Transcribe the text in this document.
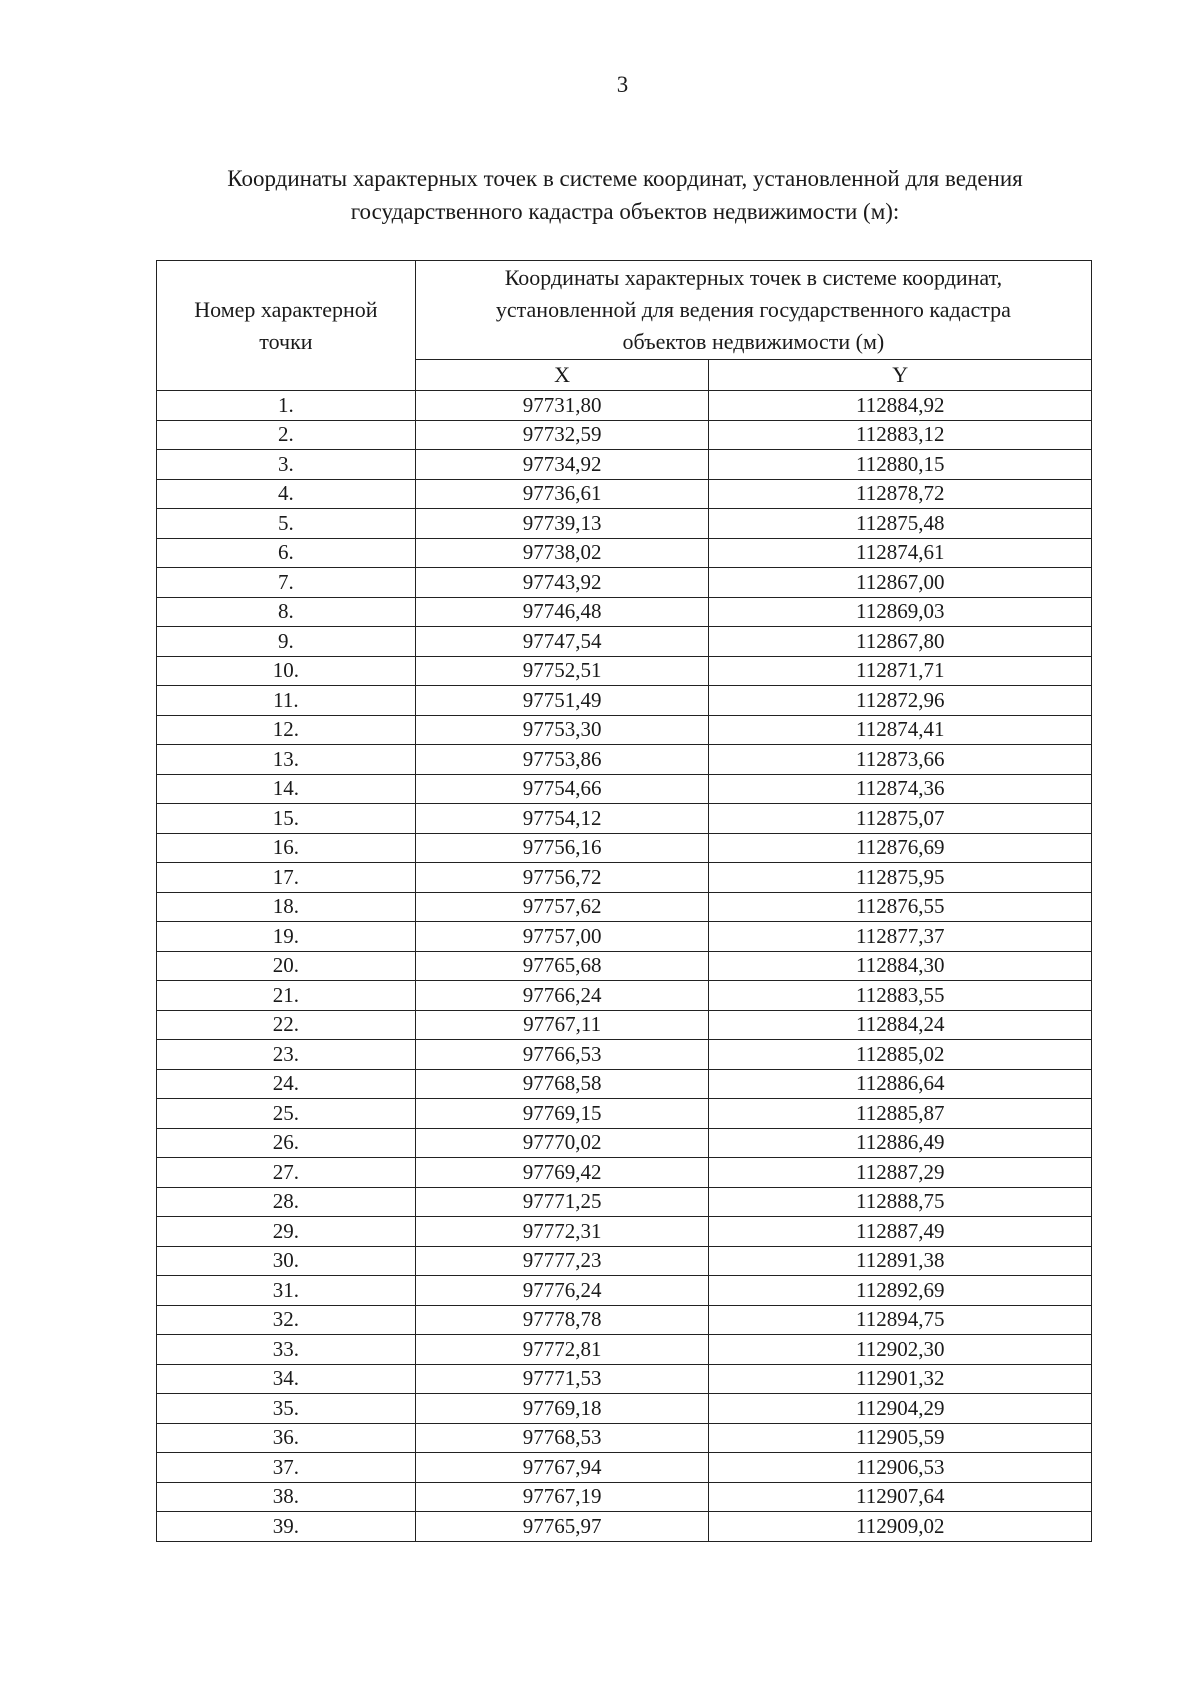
3
Координаты характерных точек в системе координат, установленной для ведения
государственного кадастра объектов недвижимости (м):
Номер характерной
точки	Координаты характерных точек в системе координат,
установленной для ведения государственного кадастра
объектов недвижимости (м)	

	X	Y
1.	97731,80	112884,92
2.	97732,59	112883,12
3.	97734,92	112880,15
4.	97736,61	112878,72
5.	97739,13	112875,48
6.	97738,02	112874,61
7.	97743,92	112867,00
8.	97746,48	112869,03
9.	97747,54	112867,80
10.	97752,51	112871,71
11.	97751,49	112872,96
12.	97753,30	112874,41
13.	97753,86	112873,66
14.	97754,66	112874,36
15.	97754,12	112875,07
16.	97756,16	112876,69
17.	97756,72	112875,95
18.	97757,62	112876,55
19.	97757,00	112877,37
20.	97765,68	112884,30
21.	97766,24	112883,55
22.	97767,11	112884,24
23.	97766,53	112885,02
24.	97768,58	112886,64
25.	97769,15	112885,87
26.	97770,02	112886,49
27.	97769,42	112887,29
28.	97771,25	112888,75
29.	97772,31	112887,49
30.	97777,23	112891,38
31.	97776,24	112892,69
32.	97778,78	112894,75
33.	97772,81	112902,30
34.	97771,53	112901,32
35.	97769,18	112904,29
36.	97768,53	112905,59
37.	97767,94	112906,53
38.	97767,19	112907,64
39.	97765,97	112909,02
